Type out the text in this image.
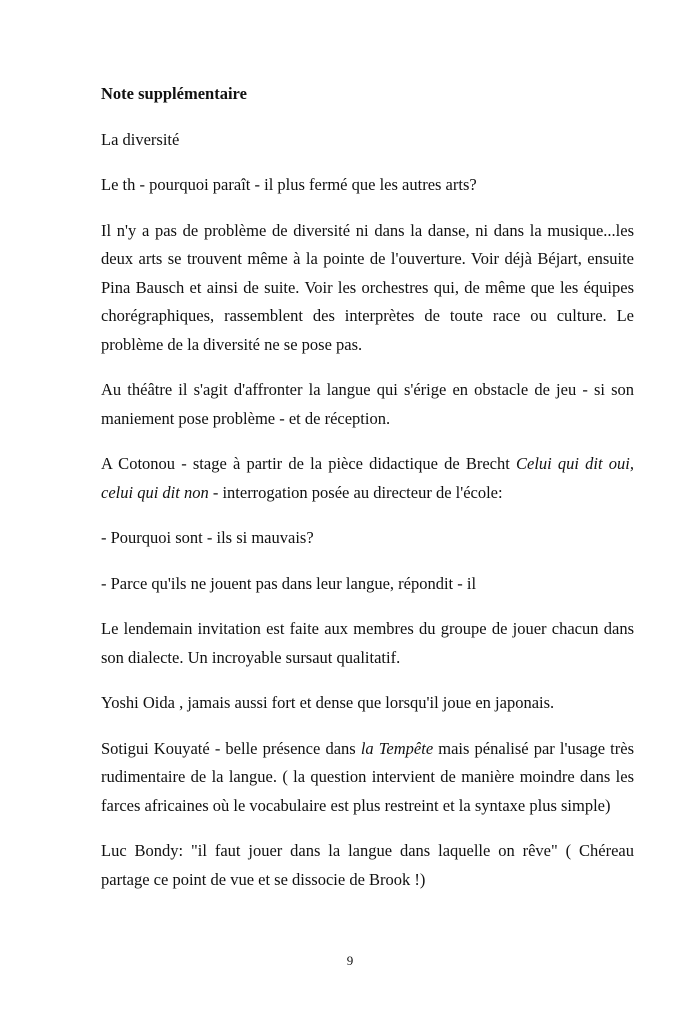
Note supplémentaire

La diversité

Le th - pourquoi paraît - il plus fermé que les autres arts?

Il n'y a pas de problème de diversité ni dans la danse, ni dans la musique...les deux arts se trouvent même à la pointe de l'ouverture. Voir déjà Béjart, ensuite Pina Bausch et ainsi de suite. Voir les orchestres qui, de même que les équipes chorégraphiques, rassemblent des interprètes de toute race ou culture. Le problème de la diversité ne se pose pas.

Au théâtre il s'agit d'affronter la langue qui s'érige en obstacle de jeu - si son maniement pose problème - et de réception.

A Cotonou - stage à partir de la pièce didactique de Brecht Celui qui dit oui, celui qui dit non - interrogation posée au directeur de l'école:

- Pourquoi sont - ils si mauvais?

- Parce qu'ils ne jouent pas dans leur langue, répondit - il

Le lendemain invitation est faite aux membres du groupe de jouer chacun dans son dialecte. Un incroyable sursaut qualitatif.

Yoshi Oida , jamais aussi fort et dense que lorsqu'il joue en japonais.

Sotigui Kouyaté - belle présence dans la Tempête mais pénalisé par l'usage très rudimentaire de la langue. ( la question intervient de manière moindre dans les farces africaines où le vocabulaire est plus restreint et la syntaxe plus simple)

Luc Bondy: "il faut jouer dans la langue dans laquelle on rêve" ( Chéreau partage ce point de vue et se dissocie de Brook !)

9
